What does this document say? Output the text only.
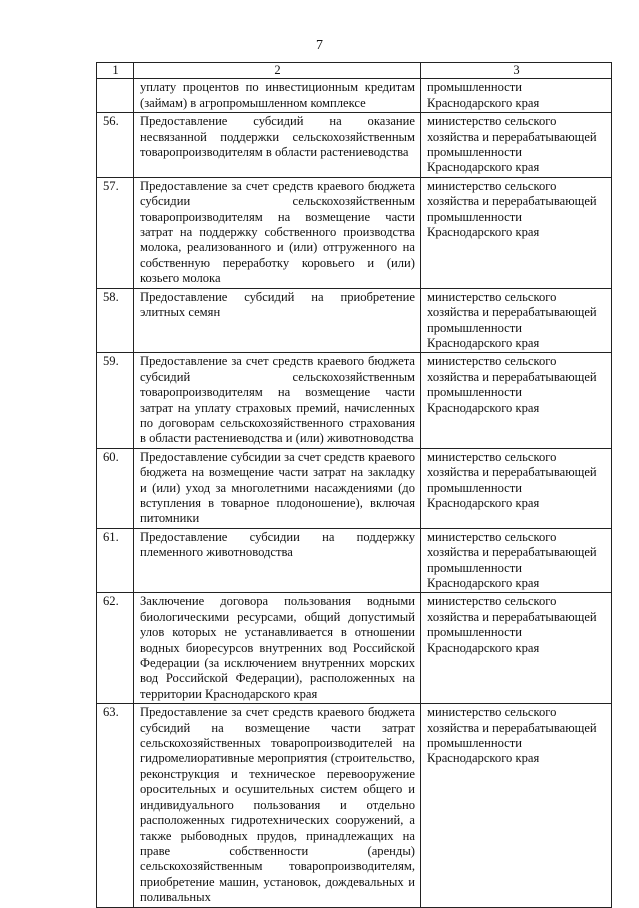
7
1	2	3
	уплату процентов по инвестиционным кредитам (займам) в агропромышленном комплексе	промышленности Краснодарского края
56.	Предоставление субсидий на оказание несвязанной поддержки сельскохозяйственным товаропроизводителям в области растениеводства	министерство сельского хозяйства и перерабатывающей промышленности Краснодарского края
57.	Предоставление за счет средств краевого бюджета субсидии сельскохозяйственным товаропроизводителям на возмещение части затрат на поддержку собственного производства молока, реализованного и (или) отгруженного на собственную переработку коровьего и (или) козьего молока	министерство сельского хозяйства и перерабатывающей промышленности Краснодарского края
58.	Предоставление субсидий на приобретение элитных семян	министерство сельского хозяйства и перерабатывающей промышленности Краснодарского края
59.	Предоставление за счет средств краевого бюджета субсидий сельскохозяйственным товаропроизводителям на возмещение части затрат на уплату страховых премий, начисленных по договорам сельскохозяйственного страхования в области растениеводства и (или) животноводства	министерство сельского хозяйства и перерабатывающей промышленности Краснодарского края
60.	Предоставление субсидии за счет средств краевого бюджета на возмещение части затрат на закладку и (или) уход за многолетними насаждениями (до вступления в товарное плодоношение), включая питомники	министерство сельского хозяйства и перерабатывающей промышленности Краснодарского края
61.	Предоставление субсидии на поддержку племенного животноводства	министерство сельского хозяйства и перерабатывающей промышленности Краснодарского края
62.	Заключение договора пользования водными биологическими ресурсами, общий допустимый улов которых не устанавливается в отношении водных биоресурсов внутренних вод Российской Федерации (за исключением внутренних морских вод Российской Федерации), расположенных на территории Краснодарского края	министерство сельского хозяйства и перерабатывающей промышленности Краснодарского края
63.	Предоставление за счет средств краевого бюджета субсидий на возмещение части затрат сельскохозяйственных товаропроизводителей на гидромелиоративные мероприятия (строительство, реконструкция и техническое перевооружение оросительных и осушительных систем общего и индивидуального пользования и отдельно расположенных гидротехнических сооружений, а также рыбоводных прудов, принадлежащих на праве собственности (аренды) сельскохозяйственным товаропроизводителям, приобретение машин, установок, дождевальных и поливальных	министерство сельского хозяйства и перерабатывающей промышленности Краснодарского края
